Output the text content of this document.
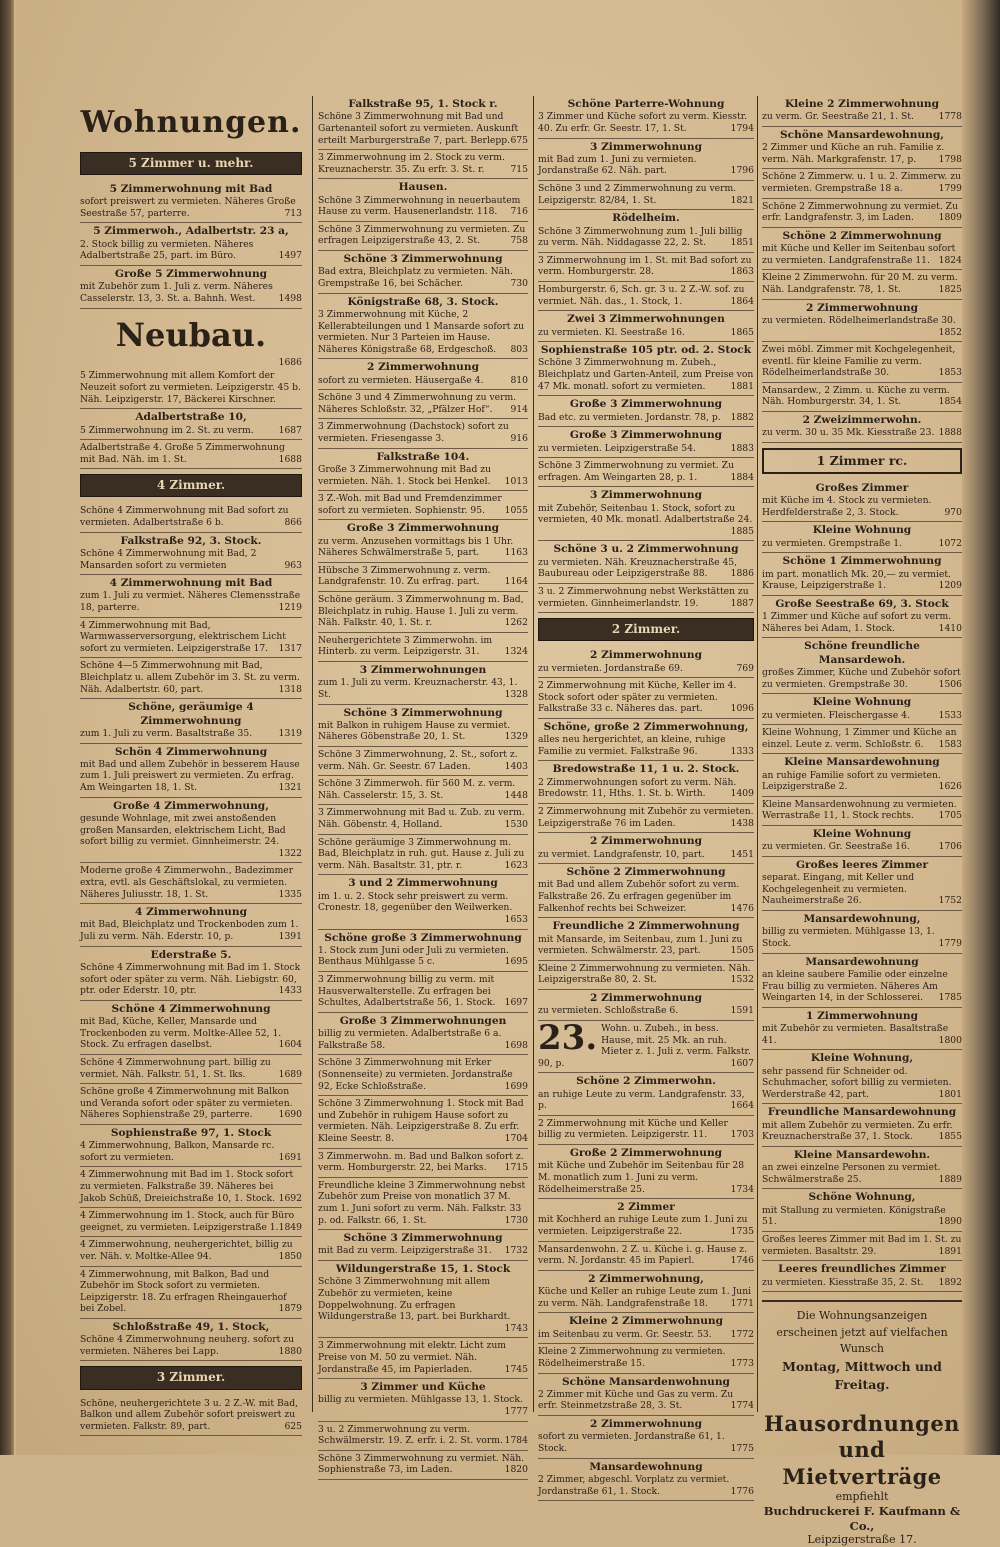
Wohnungen.
5 Zimmer u. mehr.
5 Zimmerwohnung mit Bad
sofort preiswert zu vermieten. Näheres Große Seestraße 57, parterre.	713
5 Zimmerwoh., Adalbertstr. 23 a,
2. Stock billig zu vermieten. Näheres Adalbertstraße 25, part. im Büro.	1497
Große 5 Zimmerwohnung
mit Zubehör zum 1. Juli z. verm. Näheres Casselerstr. 13, 3. St. a. Bahnh. West.	1498
Neubau.
1686
5 Zimmerwohnung mit allem Komfort der Neuzeit sofort zu vermieten. Leipzigerstr. 45 b. Näh. Leipzigerstr. 17, Bäckerei Kirschner.
Adalbertstraße 10,
5 Zimmerwohnung im 2. St. zu verm.	1687
Adalbertstraße 4. Große 5 Zimmerwohnung mit Bad. Näh. im 1. St.	1688
4 Zimmer.
Schöne 4 Zimmerwohnung mit Bad sofort zu vermieten. Adalbertstraße 6 b.	866
Falkstraße 92, 3. Stock.
Schöne 4 Zimmerwohnung mit Bad, 2 Mansarden sofort zu vermieten	963
4 Zimmerwohnung mit Bad
zum 1. Juli zu vermiet. Näheres Clemensstraße 18, parterre.	1219
4 Zimmerwohnung mit Bad, Warmwasserversorgung, elektrischem Licht sofort zu vermieten. Leipzigerstraße 17. 1317
Schöne 4—5 Zimmerwohnung mit Bad, Bleichplatz u. allem Zubehör im 3. St. zu verm. Näh. Adalbertstr. 60, part.	1318
Schöne, geräumige 4 Zimmerwohnung
zum 1. Juli zu verm. Basaltstraße 35.	1319
Schön 4 Zimmerwohnung
mit Bad und allem Zubehör in besserem Hause zum 1. Juli preiswert zu vermieten. Zu erfrag. Am Weingarten 18, 1. St.	1321
Große 4 Zimmerwohnung,
gesunde Wohnlage, mit zwei anstoßenden großen Mansarden, elektrischem Licht, Bad sofort billig zu vermiet. Ginnheimerstr. 24.
1322
Moderne große 4 Zimmerwohn., Badezimmer extra, evtl. als Geschäftslokal, zu vermieten. Näheres Juliusstr. 18, 1. St.	1335
4 Zimmerwohnung
mit Bad, Bleichplatz und Trockenboden zum 1. Juli zu verm. Näh. Ederstr. 10, p.	1391
Ederstraße 5.
Schöne 4 Zimmerwohnung mit Bad im 1. Stock sofort oder später zu verm. Näh. Liebigstr. 60, ptr. oder Ederstr. 10, ptr.	1433
Schöne 4 Zimmerwohnung
mit Bad, Küche, Keller, Mansarde und Trockenboden zu verm. Moltke-Allee 52, 1. Stock. Zu erfragen daselbst.	1604
Schöne 4 Zimmerwohnung part. billig zu vermiet. Näh. Falkstr. 51, 1. St. lks.	1689
Schöne große 4 Zimmerwohnung mit Balkon und Veranda sofort oder später zu vermieten. Näheres Sophienstraße 29, parterre.	1690
Sophienstraße 97, 1. Stock
4 Zimmerwohnung, Balkon, Mansarde rc. sofort zu vermieten.	1691
4 Zimmerwohnung mit Bad im 1. Stock sofort zu vermieten. Falkstraße 39. Näheres bei Jakob Schüß, Dreieichstraße 10, 1. Stock. 1692
4 Zimmerwohnung im 1. Stock, auch für Büro geeignet, zu vermieten. Leipzigerstraße 1. 1849
4 Zimmerwohnung, neuhergerichtet, billig zu ver. Näh. v. Moltke-Allee 94.	1850
4 Zimmerwohnung, mit Balkon, Bad und Zubehör im Stock sofort zu vermieten. Leipzigerstr. 18. Zu erfragen Rheingauerhof bei Zobel.	1879
Schloßstraße 49, 1. Stock,
Schöne 4 Zimmerwohnung neuherg. sofort zu vermieten. Näheres bei Lapp.	1880
3 Zimmer.
Schöne, neuhergerichtete 3 u. 2 Z.-W. mit Bad, Balkon und allem Zubehör sofort preiswert zu vermieten. Falkstr. 89, part.	625
Falkstraße 95, 1. Stock r.
Schöne 3 Zimmerwohnung mit Bad und Gartenanteil sofort zu vermieten. Auskunft erteilt Marburgerstraße 7, part. Berlepp. 675
3 Zimmerwohnung im 2. Stock zu verm. Kreuznacherstr. 35. Zu erfr. 3. St. r.	715
Hausen.
Schöne 3 Zimmerwohnung in neuerbautem Hause zu verm. Hausenerlandstr. 118. 716
Schöne 3 Zimmerwohnung zu vermieten. Zu erfragen Leipzigerstraße 43, 2. St.	758
Schöne 3 Zimmerwohnung
Bad extra, Bleichplatz zu vermieten. Näh. Grempstraße 16, bei Schächer.	730
Königstraße 68, 3. Stock.
3 Zimmerwohnung mit Küche, 2 Kellerabteilungen und 1 Mansarde sofort zu vermieten. Nur 3 Parteien im Hause. Näheres Königstraße 68, Erdgeschoß. 803
2 Zimmerwohnung
sofort zu vermieten. Häusergaße 4.	810
Schöne 3 und 4 Zimmerwohnung zu verm. Näheres Schloßstr. 32, „Pfälzer Hof“. 914
3 Zimmerwohnung (Dachstock) sofort zu vermieten. Friesengasse 3.	916
Falkstraße 104.
Große 3 Zimmerwohnung mit Bad zu vermieten. Näh. 1. Stock bei Henkel. 1013
3 Z.-Woh. mit Bad und Fremdenzimmer sofort zu vermieten. Sophienstr. 95. 1055
Große 3 Zimmerwohnung
zu verm. Anzusehen vormittags bis 1 Uhr. Näheres Schwälmerstraße 5, part.	1163
Hübsche 3 Zimmerwohnung z. verm. Landgrafenstr. 10. Zu erfrag. part.	1164
Schöne geräum. 3 Zimmerwohnung m. Bad, Bleichplatz in ruhig. Hause 1. Juli zu verm. Näh. Falkstr. 40, 1. St. r.	1262
Neuhergerichtete 3 Zimmerwohn. im Hinterb. zu verm. Leipzigerstr. 31.	1324
3 Zimmerwohnungen
zum 1. Juli zu verm. Kreuznacherstr. 43, 1. St.	1328
Schöne 3 Zimmerwohnung
mit Balkon in ruhigem Hause zu vermiet. Näheres Göbenstraße 20, 1. St.	1329
Schöne 3 Zimmerwohnung, 2. St., sofort z. verm. Näh. Gr. Seestr. 67 Laden.	1403
Schöne 3 Zimmerwoh. für 560 M. z. verm. Näh. Casselerstr. 15, 3. St.	1448
3 Zimmerwohnung mit Bad u. Zub. zu verm. Näh. Göbenstr. 4, Holland.	1530
Schöne geräumige 3 Zimmerwohnung m. Bad, Bleichplatz in ruh. gut. Hause z. Juli zu verm. Näh. Basaltstr. 31, ptr. r.	1623
3 und 2 Zimmerwohnung
im 1. u. 2. Stock sehr preiswert zu verm. Cronestr. 18, gegenüber den Weilwerken.
1653
Schöne große 3 Zimmerwohnung
1. Stock zum Juni oder Juli zu vermieten. Benthaus Mühlgasse 5 c.	1695
3 Zimmerwohnung billig zu verm. mit Hausverwalterstelle. Zu erfragen bei Schultes, Adalbertstraße 56, 1. Stock. 1697
Große 3 Zimmerwohnungen
billig zu vermieten. Adalbertstraße 6 a. Falkstraße 58.	1698
Schöne 3 Zimmerwohnung mit Erker (Sonnenseite) zu vermieten. Jordanstraße 92, Ecke Schloßstraße.	1699
Schöne 3 Zimmerwohnung 1. Stock mit Bad und Zubehör in ruhigem Hause sofort zu vermieten. Näh. Leipzigerstraße 8. Zu erfr. Kleine Seestr. 8.	1704
3 Zimmerwohn. m. Bad und Balkon sofort z. verm. Homburgerstr. 22, bei Marks. 1715
Freundliche kleine 3 Zimmerwohnung nebst Zubehör zum Preise von monatlich 37 M. zum 1. Juni sofort zu verm. Näh. Falkstr. 33 p. od. Falkstr. 66, 1. St.	1730
Schöne 3 Zimmerwohnung
mit Bad zu verm. Leipzigerstraße 31. 1732
Wildungerstraße 15, 1. Stock
Schöne 3 Zimmerwohnung mit allem Zubehör zu vermieten, keine Doppelwohnung. Zu erfragen Wildungerstraße 13, part. bei Burkhardt.
1743
3 Zimmerwohnung mit elektr. Licht zum Preise von M. 50 zu vermiet. Näh. Jordanstraße 45, im Papierladen.	1745
3 Zimmer und Küche
billig zu vermieten. Mühlgasse 13, 1. Stock.
1777
3 u. 2 Zimmerwohnung zu verm. Schwälmerstr. 19. Z. erfr. i. 2. St. vorm. 1784
Schöne 3 Zimmerwohnung zu vermiet. Näh. Sophienstraße 73, im Laden.	1820
Schöne Parterre-Wohnung
3 Zimmer und Küche sofort zu verm. Kiesstr. 40. Zu erfr. Gr. Seestr. 17, 1. St.	1794
3 Zimmerwohnung
mit Bad zum 1. Juni zu vermieten. Jordanstraße 62. Näh. part.	1796
Schöne 3 und 2 Zimmerwohnung zu verm. Leipzigerstr. 82/84, 1. St.	1821
Rödelheim.
Schöne 3 Zimmerwohnung zum 1. Juli billig zu verm. Näh. Niddagasse 22, 2. St.	1851
3 Zimmerwohnung im 1. St. mit Bad sofort zu verm. Homburgerstr. 28.	1863
Homburgerstr. 6, Sch. gr. 3 u. 2 Z.-W. sof. zu vermiet. Näh. das., 1. Stock, 1.	1864
Zwei 3 Zimmerwohnungen
zu vermieten. Kl. Seestraße 16.	1865
Sophienstraße 105 ptr. od. 2. Stock
Schöne 3 Zimmerwohnung m. Zubeh., Bleichplatz und Garten-Anteil, zum Preise von 47 Mk. monatl. sofort zu vermieten.	1881
Große 3 Zimmerwohnung
Bad etc. zu vermieten. Jordanstr. 78, p. 1882
Große 3 Zimmerwohnung
zu vermieten. Leipzigerstraße 54.	1883
Schöne 3 Zimmerwohnung zu vermiet. Zu erfragen. Am Weingarten 28, p. 1.	1884
3 Zimmerwohnung
mit Zubehör, Seitenbau 1. Stock, sofort zu vermieten, 40 Mk. monatl. Adalbertstraße 24.
1885
Schöne 3 u. 2 Zimmerwohnung
zu vermieten. Näh. Kreuznacherstraße 45, Baubureau oder Leipzigerstraße 88.	1886
3 u. 2 Zimmerwohnung nebst Werkstätten zu vermieten. Ginnheimerlandstr. 19.	1887
2 Zimmer.
2 Zimmerwohnung
zu vermieten. Jordanstraße 69.	769
2 Zimmerwohnung mit Küche, Keller im 4. Stock sofort oder später zu vermieten. Falkstraße 33 c. Näheres das. part.	1096
Schöne, große 2 Zimmerwohnung,
alles neu hergerichtet, an kleine, ruhige Familie zu vermiet. Falkstraße 96.	1333
Bredowstraße 11, 1 u. 2. Stock.
2 Zimmerwohnungen sofort zu verm. Näh. Bredowstr. 11, Hths. 1. St. b. Wirth.	1409
2 Zimmerwohnung mit Zubehör zu vermieten. Leipzigerstraße 76 im Laden.	1438
2 Zimmerwohnung
zu vermiet. Landgrafenstr. 10, part.	1451
Schöne 2 Zimmerwohnung
mit Bad und allem Zubehör sofort zu verm. Falkstraße 26. Zu erfragen gegenüber im Falkenhof rechts bei Schweizer.	1476
Freundliche 2 Zimmerwohnung
mit Mansarde, im Seitenbau, zum 1. Juni zu vermieten. Schwälmerstr. 23, part.	1505
Kleine 2 Zimmerwohnung zu vermieten. Näh. Leipzigerstraße 80, 2. St.	1532
2 Zimmerwohnung
zu vermieten. Schloßstraße 6.	1591
23. Wohn. u. Zubeh., in bess. Hause, mit. 25 Mk. an ruh. Mieter z. 1. Juli z. verm. Falkstr. 90, p.	1607
Schöne 2 Zimmerwohn.
an ruhige Leute zu verm. Landgrafenstr. 33, p.	1664
2 Zimmerwohnung mit Küche und Keller billig zu vermieten. Leipzigerstr. 11.	1703
Große 2 Zimmerwohnung
mit Küche und Zubehör im Seitenbau für 28 M. monatlich zum 1. Juni zu verm. Rödelheimerstraße 25.	1734
2 Zimmer
mit Kochherd an ruhige Leute zum 1. Juni zu vermieten. Leipzigerstraße 22.	1735
Mansardenwohn. 2 Z. u. Küche i. g. Hause z. verm. N. Jordanstr. 45 im Papierl.	1746
2 Zimmerwohnung,
Küche und Keller an ruhige Leute zum 1. Juni zu verm. Näh. Landgrafenstraße 18. 1771
Kleine 2 Zimmerwohnung
im Seitenbau zu verm. Gr. Seestr. 53. 1772
Kleine 2 Zimmerwohnung zu vermieten. Rödelheimerstraße 15.	1773
Schöne Mansardenwohnung
2 Zimmer mit Küche und Gas zu verm. Zu erfr. Steinmetzstraße 28, 3. St.	1774
2 Zimmerwohnung
sofort zu vermieten. Jordanstraße 61, 1. Stock.	1775
Mansardewohnung
2 Zimmer, abgeschl. Vorplatz zu vermiet. Jordanstraße 61, 1. Stock.	1776
Kleine 2 Zimmerwohnung
zu verm. Gr. Seestraße 21, 1. St.	1778
Schöne Mansardewohnung,
2 Zimmer und Küche an ruh. Familie z. verm. Näh. Markgrafenstr. 17, p. 1798
Schöne 2 Zimmerw. u. 1 u. 2. Zimmerw. zu vermieten. Grempstraße 18 a.	1799
Schöne 2 Zimmerwohnung zu vermiet. Zu erfr. Landgrafenstr. 3, im Laden.	1809
Schöne 2 Zimmerwohnung
mit Küche und Keller im Seitenbau sofort zu vermieten. Landgrafenstraße 11. 1824
Kleine 2 Zimmerwohn. für 20 M. zu verm. Näh. Landgrafenstr. 78, 1. St.	1825
2 Zimmerwohnung
zu vermieten. Rödelheimerlandstraße 30.
1852
Zwei möbl. Zimmer mit Kochgelegenheit, eventl. für kleine Familie zu verm. Rödelheimerlandstraße 30.	1853
Mansardew., 2 Zimm. u. Küche zu verm. Näh. Homburgerstr. 34, 1. St.	1854
2 Zweizimmerwohn.
zu verm. 30 u. 35 Mk. Kiesstraße 23. 1888
1 Zimmer rc.
Großes Zimmer
mit Küche im 4. Stock zu vermieten. Herdfelderstraße 2, 3. Stock.	970
Kleine Wohnung
zu vermieten. Grempstraße 1.	1072
Schöne 1 Zimmerwohnung
im part. monatlich Mk. 20,— zu vermiet. Krause, Leipzigerstraße 1.	1209
Große Seestraße 69, 3. Stock
1 Zimmer und Küche auf sofort zu verm. Näheres bei Adam, 1. Stock.	1410
Schöne freundliche Mansardewoh.
großes Zimmer, Küche und Zubehör sofort zu vermieten. Grempstraße 30.	1506
Kleine Wohnung
zu vermieten. Fleischergasse 4.	1533
Kleine Wohnung, 1 Zimmer und Küche an einzel. Leute z. verm. Schloßstr. 6. 1583
Kleine Mansardewohnung
an ruhige Familie sofort zu vermieten. Leipzigerstraße 2.	1626
Kleine Mansardenwohnung zu vermieten. Werrastraße 11, 1. Stock rechts.	1705
Kleine Wohnung
zu vermieten. Gr. Seestraße 16.	1706
Großes leeres Zimmer
separat. Eingang, mit Keller und Kochgelegenheit zu vermieten. Nauheimerstraße 26.	1752
Mansardewohnung,
billig zu vermieten. Mühlgasse 13, 1. Stock.	1779
Mansardewohnung
an kleine saubere Familie oder einzelne Frau billig zu vermieten. Näheres Am Weingarten 14, in der Schlosserei. 1785
1 Zimmerwohnung
mit Zubehör zu vermieten. Basaltstraße 41.	1800
Kleine Wohnung,
sehr passend für Schneider od. Schuhmacher, sofort billig zu vermieten. Werderstraße 42, part.	1801
Freundliche Mansardewohnung
mit allem Zubehör zu vermieten. Zu erfr. Kreuznacherstraße 37, 1. Stock.	1855
Kleine Mansardewohn.
an zwei einzelne Personen zu vermiet. Schwälmerstraße 25.	1889
Schöne Wohnung,
mit Stallung zu vermieten. Königstraße 51.	1890
Großes leeres Zimmer mit Bad im 1. St. zu vermieten. Basaltstr. 29.	1891
Leeres freundliches Zimmer
zu vermieten. Kiesstraße 35, 2. St. 1892
Die Wohnungsanzeigen
erscheinen jetzt auf vielfachen Wunsch
Montag, Mittwoch und Freitag.
Hausordnungen
und Mietverträge
empfiehlt
Buchdruckerei F. Kaufmann & Co.,
Leipzigerstraße 17.
